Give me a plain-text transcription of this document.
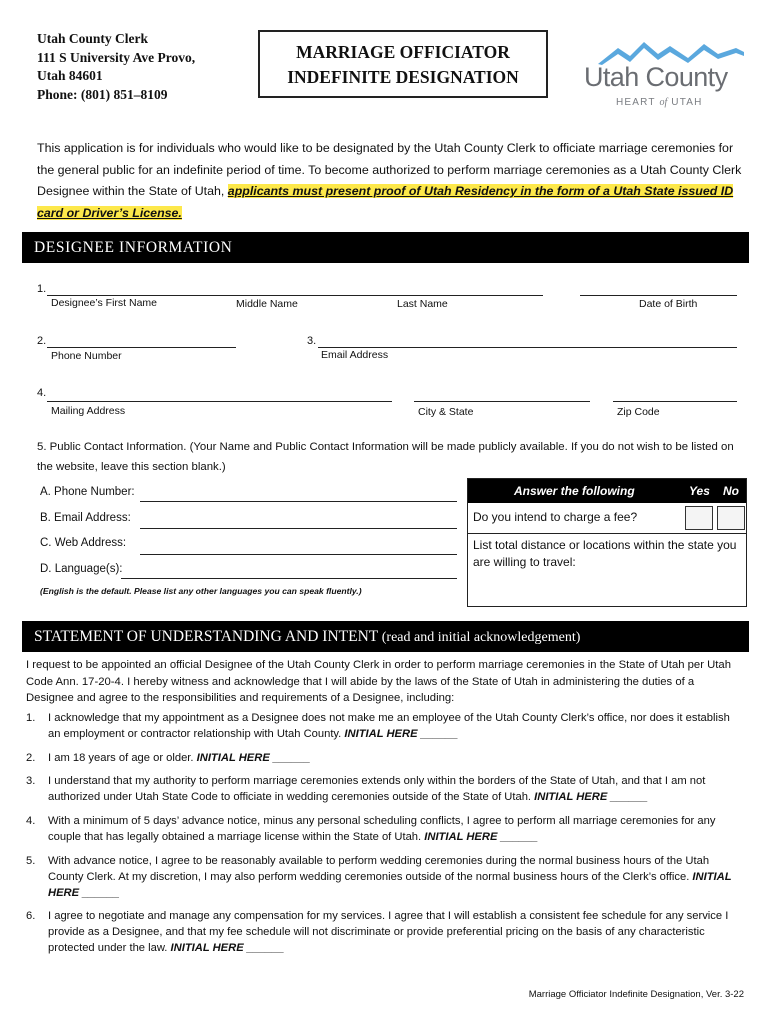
Utah County Clerk
111 S University Ave Provo,
Utah 84601
Phone: (801) 851–8109
MARRIAGE OFFICIATOR
INDEFINITE DESIGNATION	Utah County
HEART of UTAH
This application is for individuals who would like to be designated by the Utah County Clerk to officiate marriage ceremonies for the general public for an indefinite period of time. To become authorized to perform marriage ceremonies as a Utah County Clerk Designee within the State of Utah, applicants must present proof of Utah Residency in the form of a Utah State issued ID card or Driver’s License.
DESIGNEE INFORMATION
1.
Designee’s First Name	Middle Name	Last Name	Date of Birth
2.
Phone Number
3.
Email Address
4.
Mailing Address	City & State	Zip Code
5. Public Contact Information. (Your Name and Public Contact Information will be made publicly available. If you do not wish to be listed on the website, leave this section blank.)
A. Phone Number:
B. Email Address:
C. Web Address:
D. Language(s):
(English is the default. Please list any other languages you can speak fluently.)
Answer the following	Yes No
Do you intend to charge a fee?
List total distance or locations within the state you are willing to travel:
STATEMENT OF UNDERSTANDING AND INTENT (read and initial acknowledgement)
I request to be appointed an official Designee of the Utah County Clerk in order to perform marriage ceremonies in the State of Utah per Utah Code Ann. 17-20-4. I hereby witness and acknowledge that I will abide by the laws of the State of Utah in administering the duties of a Designee and agree to the responsibilities and requirements of a Designee, including:
1. I acknowledge that my appointment as a Designee does not make me an employee of the Utah County Clerk’s office, nor does it establish an employment or contractor relationship with Utah County. INITIAL HERE ______
2. I am 18 years of age or older. INITIAL HERE ______
3. I understand that my authority to perform marriage ceremonies extends only within the borders of the State of Utah, and that I am not authorized under Utah State Code to officiate in wedding ceremonies outside of the State of Utah. INITIAL HERE ______
4. With a minimum of 5 days’ advance notice, minus any personal scheduling conflicts, I agree to perform all marriage ceremonies for any couple that has legally obtained a marriage license within the State of Utah. INITIAL HERE ______
5. With advance notice, I agree to be reasonably available to perform wedding ceremonies during the normal business hours of the Utah County Clerk. At my discretion, I may also perform wedding ceremonies outside of the normal business hours of the Clerk’s office. INITIAL HERE ______
6. I agree to negotiate and manage any compensation for my services. I agree that I will establish a consistent fee schedule for any service I provide as a Designee, and that my fee schedule will not discriminate or provide preferential pricing on the basis of any characteristic protected under the law. INITIAL HERE ______
Marriage Officiator Indefinite Designation, Ver. 3-22
